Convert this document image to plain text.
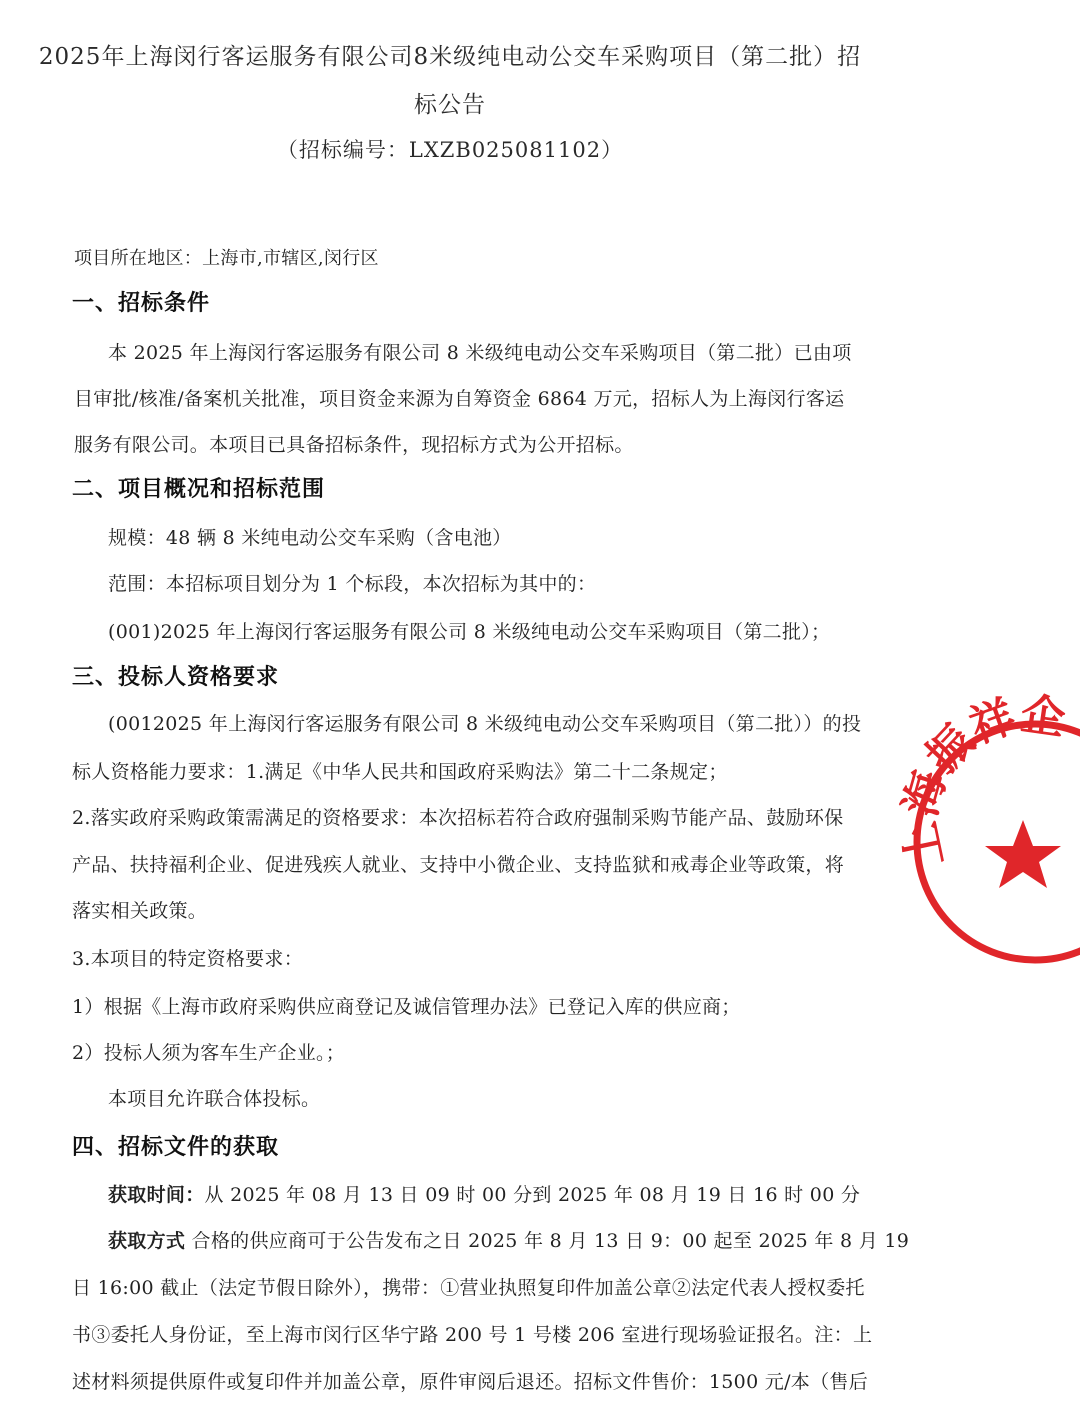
2025年上海闵行客运服务有限公司8米级纯电动公交车采购项目（第二批）招
标公告
（招标编号：LXZB025081102）
项目所在地区：上海市,市辖区,闵行区
一、招标条件
本 2025 年上海闵行客运服务有限公司 8 米级纯电动公交车采购项目（第二批）已由项
目审批/核准/备案机关批准，项目资金来源为自筹资金 6864 万元，招标人为上海闵行客运
服务有限公司。本项目已具备招标条件，现招标方式为公开招标。
二、项目概况和招标范围
规模：48 辆 8 米纯电动公交车采购（含电池）
范围：本招标项目划分为 1 个标段，本次招标为其中的：
(001)2025 年上海闵行客运服务有限公司 8 米级纯电动公交车采购项目（第二批）；
三、投标人资格要求
(0012025 年上海闵行客运服务有限公司 8 米级纯电动公交车采购项目（第二批））的投
标人资格能力要求：1.满足《中华人民共和国政府采购法》第二十二条规定；
2.落实政府采购政策需满足的资格要求：本次招标若符合政府强制采购节能产品、鼓励环保
产品、扶持福利企业、促进残疾人就业、支持中小微企业、支持监狱和戒毒企业等政策，将
落实相关政策。
3.本项目的特定资格要求：
1）根据《上海市政府采购供应商登记及诚信管理办法》已登记入库的供应商；
2）投标人须为客车生产企业。；
本项目允许联合体投标。
四、招标文件的获取
获取时间：从 2025 年 08 月 13 日 09 时 00 分到 2025 年 08 月 19 日 16 时 00 分
获取方式 合格的供应商可于公告发布之日 2025 年 8 月 13 日 9：00 起至 2025 年 8 月 19
日 16:00 截止（法定节假日除外），携带：①营业执照复印件加盖公章②法定代表人授权委托
书③委托人身份证，至上海市闵行区华宁路 200 号 1 号楼 206 室进行现场验证报名。注：上
述材料须提供原件或复印件并加盖公章，原件审阅后退还。招标文件售价：1500 元/本（售后
上海振祥企
